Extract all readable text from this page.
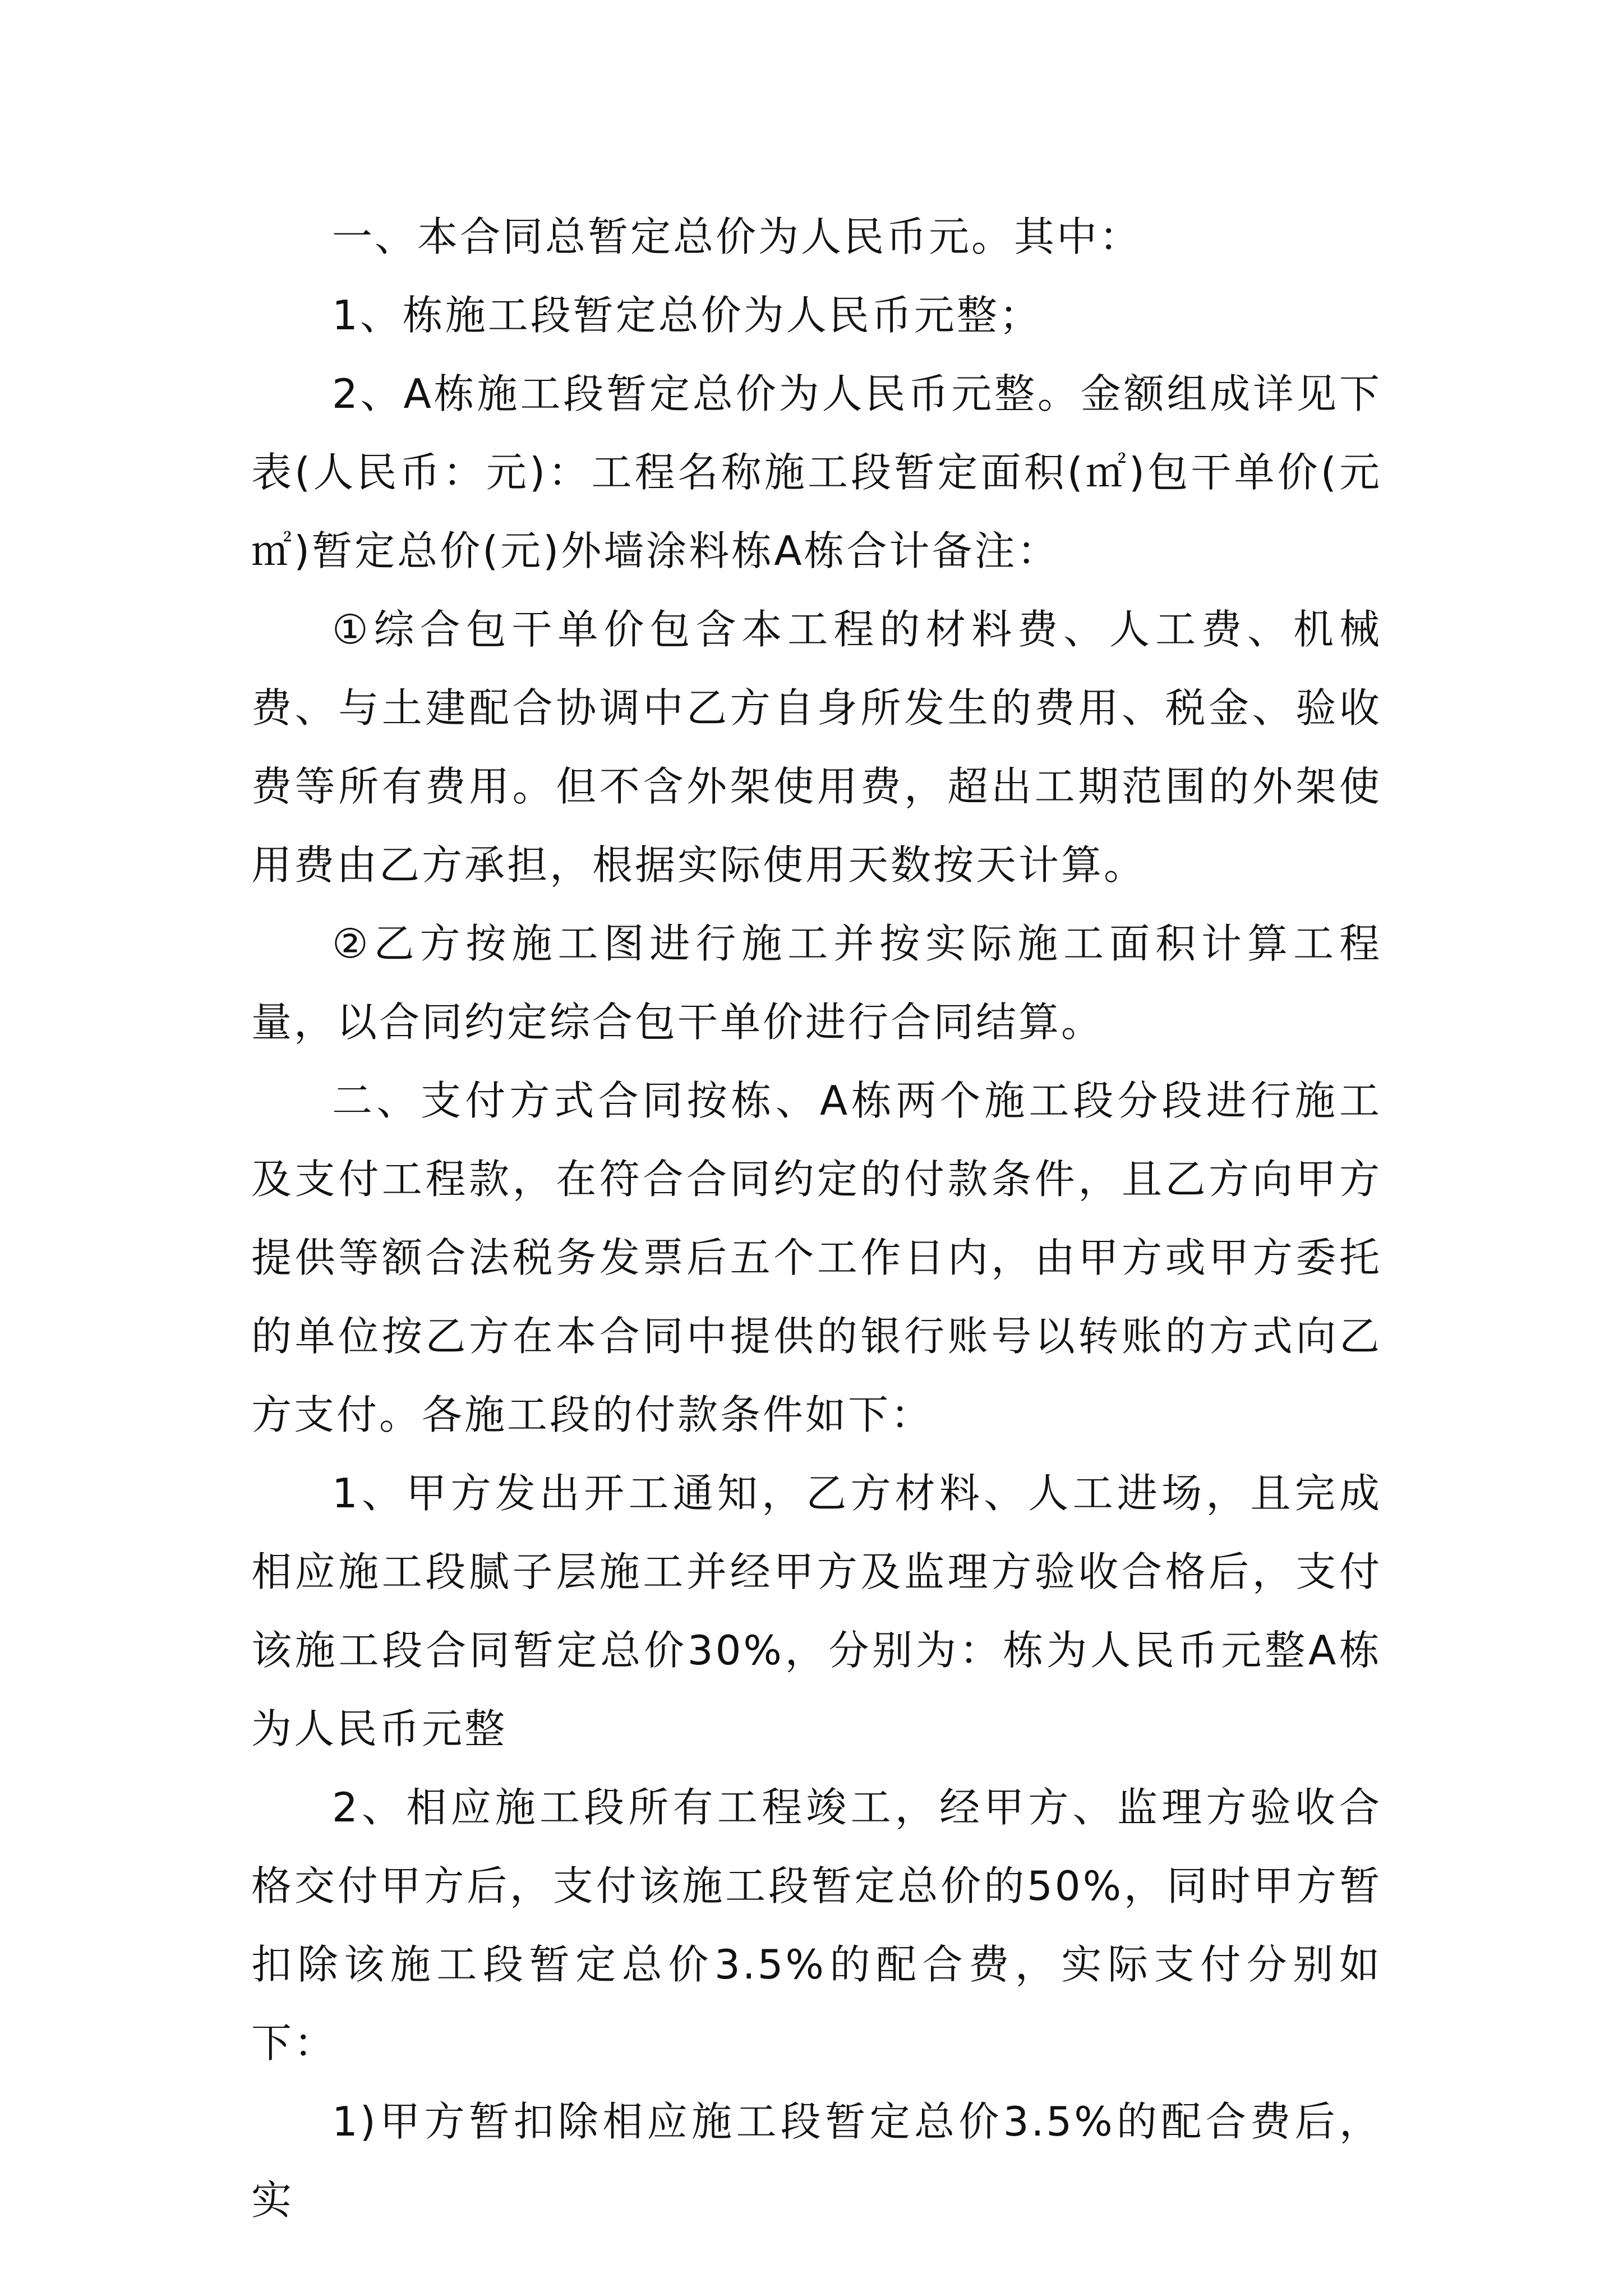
一、本合同总暂定总价为人民币元。其中：

1、栋施工段暂定总价为人民币元整；

2、A栋施工段暂定总价为人民币元整。金额组成详见下表(人民币：元)：工程名称施工段暂定面积(㎡)包干单价(元㎡)暂定总价(元)外墙涂料栋A栋合计备注：

①综合包干单价包含本工程的材料费、人工费、机械费、与土建配合协调中乙方自身所发生的费用、税金、验收费等所有费用。但不含外架使用费，超出工期范围的外架使用费由乙方承担，根据实际使用天数按天计算。

②乙方按施工图进行施工并按实际施工面积计算工程量，以合同约定综合包干单价进行合同结算。

二、支付方式合同按栋、A栋两个施工段分段进行施工及支付工程款，在符合合同约定的付款条件，且乙方向甲方提供等额合法税务发票后五个工作日内，由甲方或甲方委托的单位按乙方在本合同中提供的银行账号以转账的方式向乙方支付。各施工段的付款条件如下：

1、甲方发出开工通知，乙方材料、人工进场，且完成相应施工段腻子层施工并经甲方及监理方验收合格后，支付该施工段合同暂定总价30%，分别为：栋为人民币元整A栋为人民币元整

2、相应施工段所有工程竣工，经甲方、监理方验收合格交付甲方后，支付该施工段暂定总价的50%，同时甲方暂扣除该施工段暂定总价3.5%的配合费，实际支付分别如下：

1)甲方暂扣除相应施工段暂定总价3.5%的配合费后，实
